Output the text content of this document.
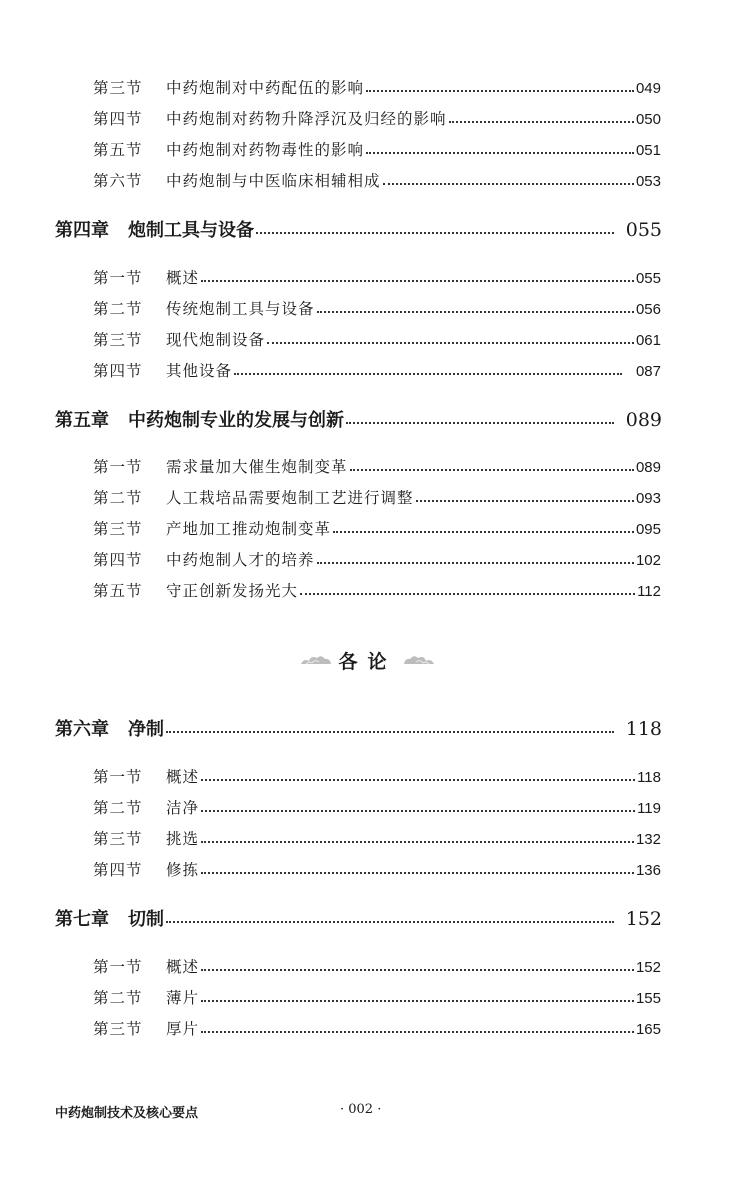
第三节	中药炮制对中药配伍的影响	049
第四节	中药炮制对药物升降浮沉及归经的影响	050
第五节	中药炮制对药物毒性的影响	051
第六节	中药炮制与中医临床相辅相成	053
第四章	炮制工具与设备	055
第一节	概述	055
第二节	传统炮制工具与设备	056
第三节	现代炮制设备	061
第四节	其他设备	087
第五章	中药炮制专业的发展与创新	089
第一节	需求量加大催生炮制变革	089
第二节	人工栽培品需要炮制工艺进行调整	093
第三节	产地加工推动炮制变革	095
第四节	中药炮制人才的培养	102
第五节	守正创新发扬光大	112
各论
第六章	净制	118
第一节	概述	118
第二节	洁净	119
第三节	挑选	132
第四节	修拣	136
第七章	切制	152
第一节	概述	152
第二节	薄片	155
第三节	厚片	165
中药炮制技术及核心要点	· 002 ·
